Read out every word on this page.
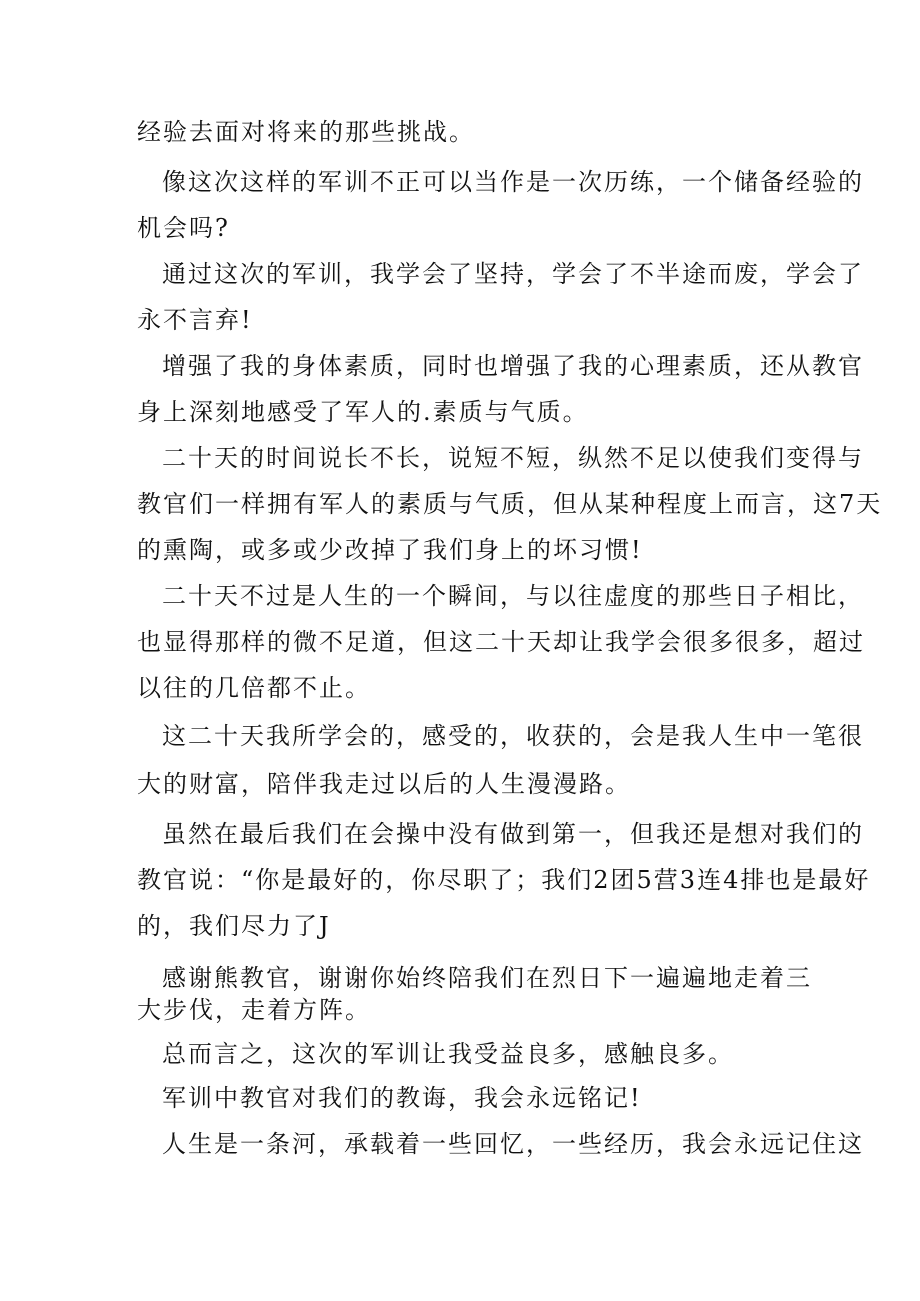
经验去面对将来的那些挑战。
像这次这样的军训不正可以当作是一次历练，一个储备经验的
机会吗?
通过这次的军训，我学会了坚持，学会了不半途而废，学会了
永不言弃!
增强了我的身体素质，同时也增强了我的心理素质，还从教官
身上深刻地感受了军人的.素质与气质。
二十天的时间说长不长，说短不短，纵然不足以使我们变得与
教官们一样拥有军人的素质与气质，但从某种程度上而言，这7天
的熏陶，或多或少改掉了我们身上的坏习惯!
二十天不过是人生的一个瞬间，与以往虚度的那些日子相比，
也显得那样的微不足道，但这二十天却让我学会很多很多，超过
以往的几倍都不止。
这二十天我所学会的，感受的，收获的，会是我人生中一笔很
大的财富，陪伴我走过以后的人生漫漫路。
虽然在最后我们在会操中没有做到第一，但我还是想对我们的
教官说：“你是最好的，你尽职了；我们2团5营3连4排也是最好
的，我们尽力了J
感谢熊教官，谢谢你始终陪我们在烈日下一遍遍地走着三
大步伐，走着方阵。
总而言之，这次的军训让我受益良多，感触良多。
军训中教官对我们的教诲，我会永远铭记!
人生是一条河，承载着一些回忆，一些经历，我会永远记住这
